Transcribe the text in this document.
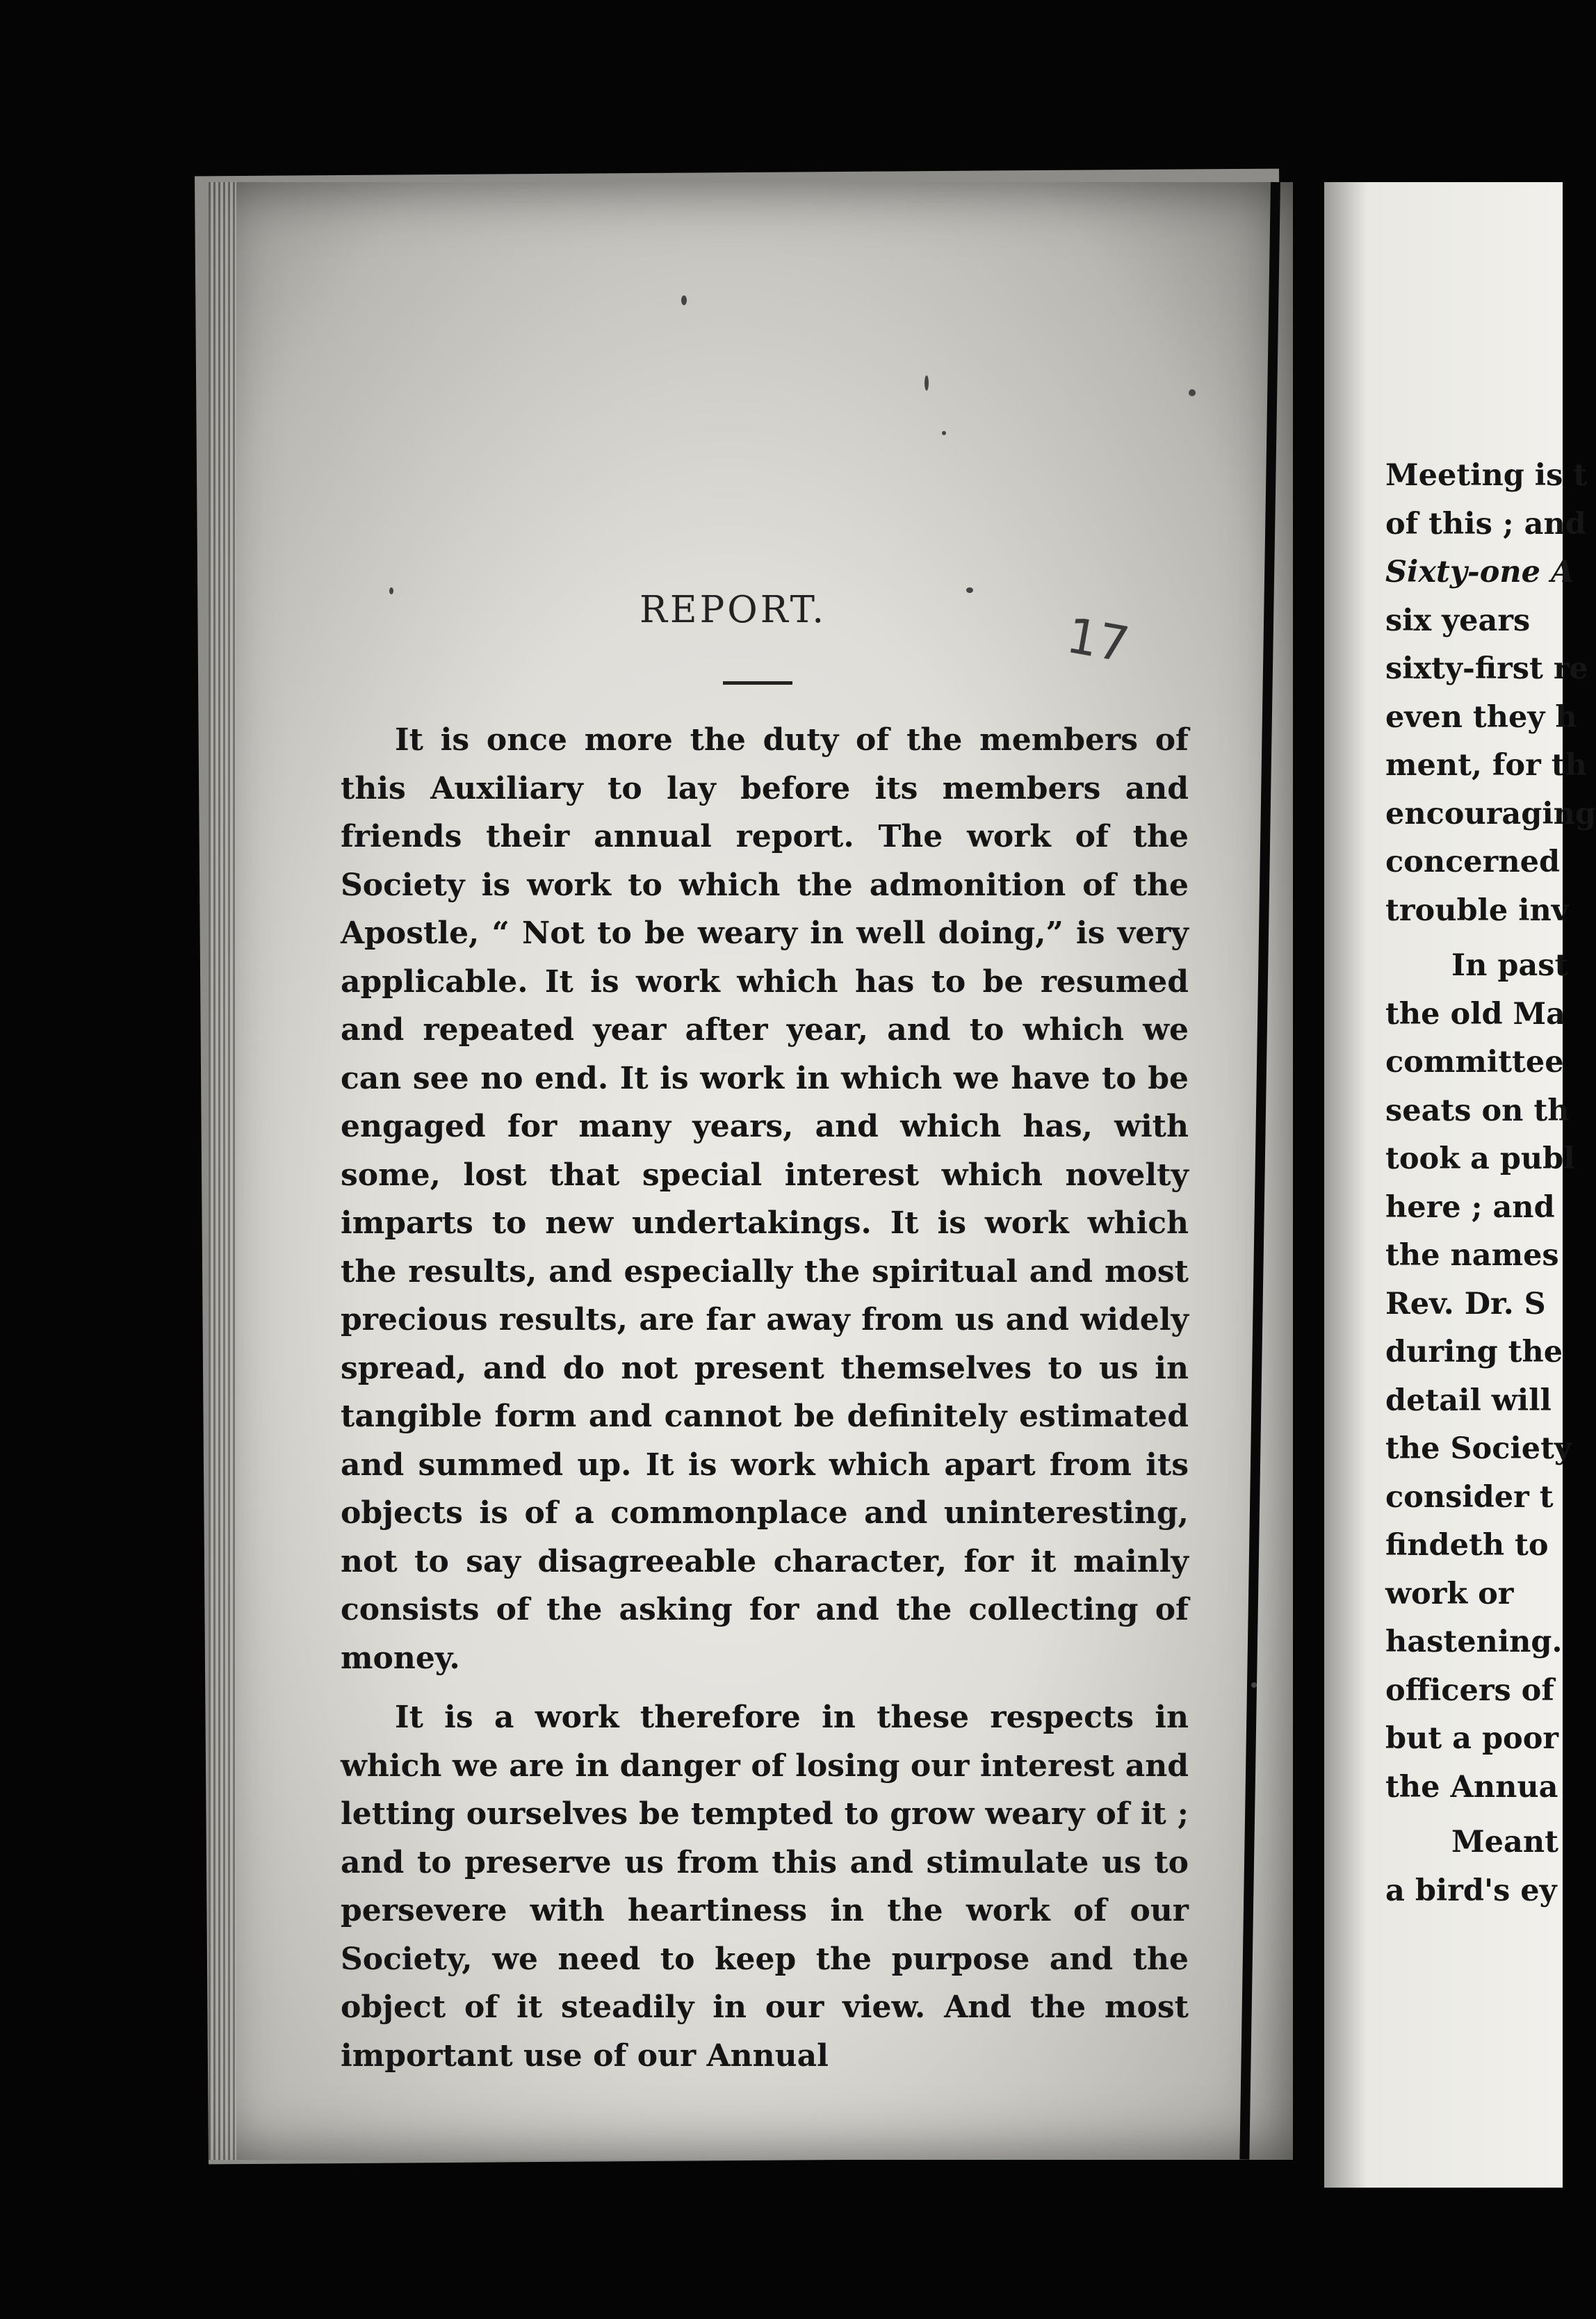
REPORT.	17

It is once more the duty of the members of this Auxiliary to lay before its members and friends their annual report. The work of the Society is work to which the admonition of the Apostle, “ Not to be weary in well doing,” is very applicable. It is work which has to be resumed and repeated year after year, and to which we can see no end. It is work in which we have to be engaged for many years, and which has, with some, lost that special interest which novelty imparts to new undertakings. It is work which the results, and especially the spiritual and most precious results, are far away from us and widely spread, and do not present themselves to us in tangible form and cannot be definitely estimated and summed up. It is work which apart from its objects is of a commonplace and uninteresting, not to say disagreeable character, for it mainly consists of the asking for and the collecting of money.

It is a work therefore in these respects in which we are in danger of losing our interest and letting ourselves be tempted to grow weary of it ; and to preserve us from this and stimulate us to persevere with heartiness in the work of our Society, we need to keep the purpose and the object of it steadily in our view. And the most important use of our Annual

Meeting is t
of this ; and
Sixty-one A
six years
sixty-first re
even they h
ment, for th
encouraging
concerned
trouble inv
In past
the old Ma
committee
seats on th
took a publ
here ; and
the names
Rev. Dr. S
during the
detail will
the Society
consider t
findeth to
work or
hastening.
officers of
but a poor
the Annua
Meant
a bird's ey
